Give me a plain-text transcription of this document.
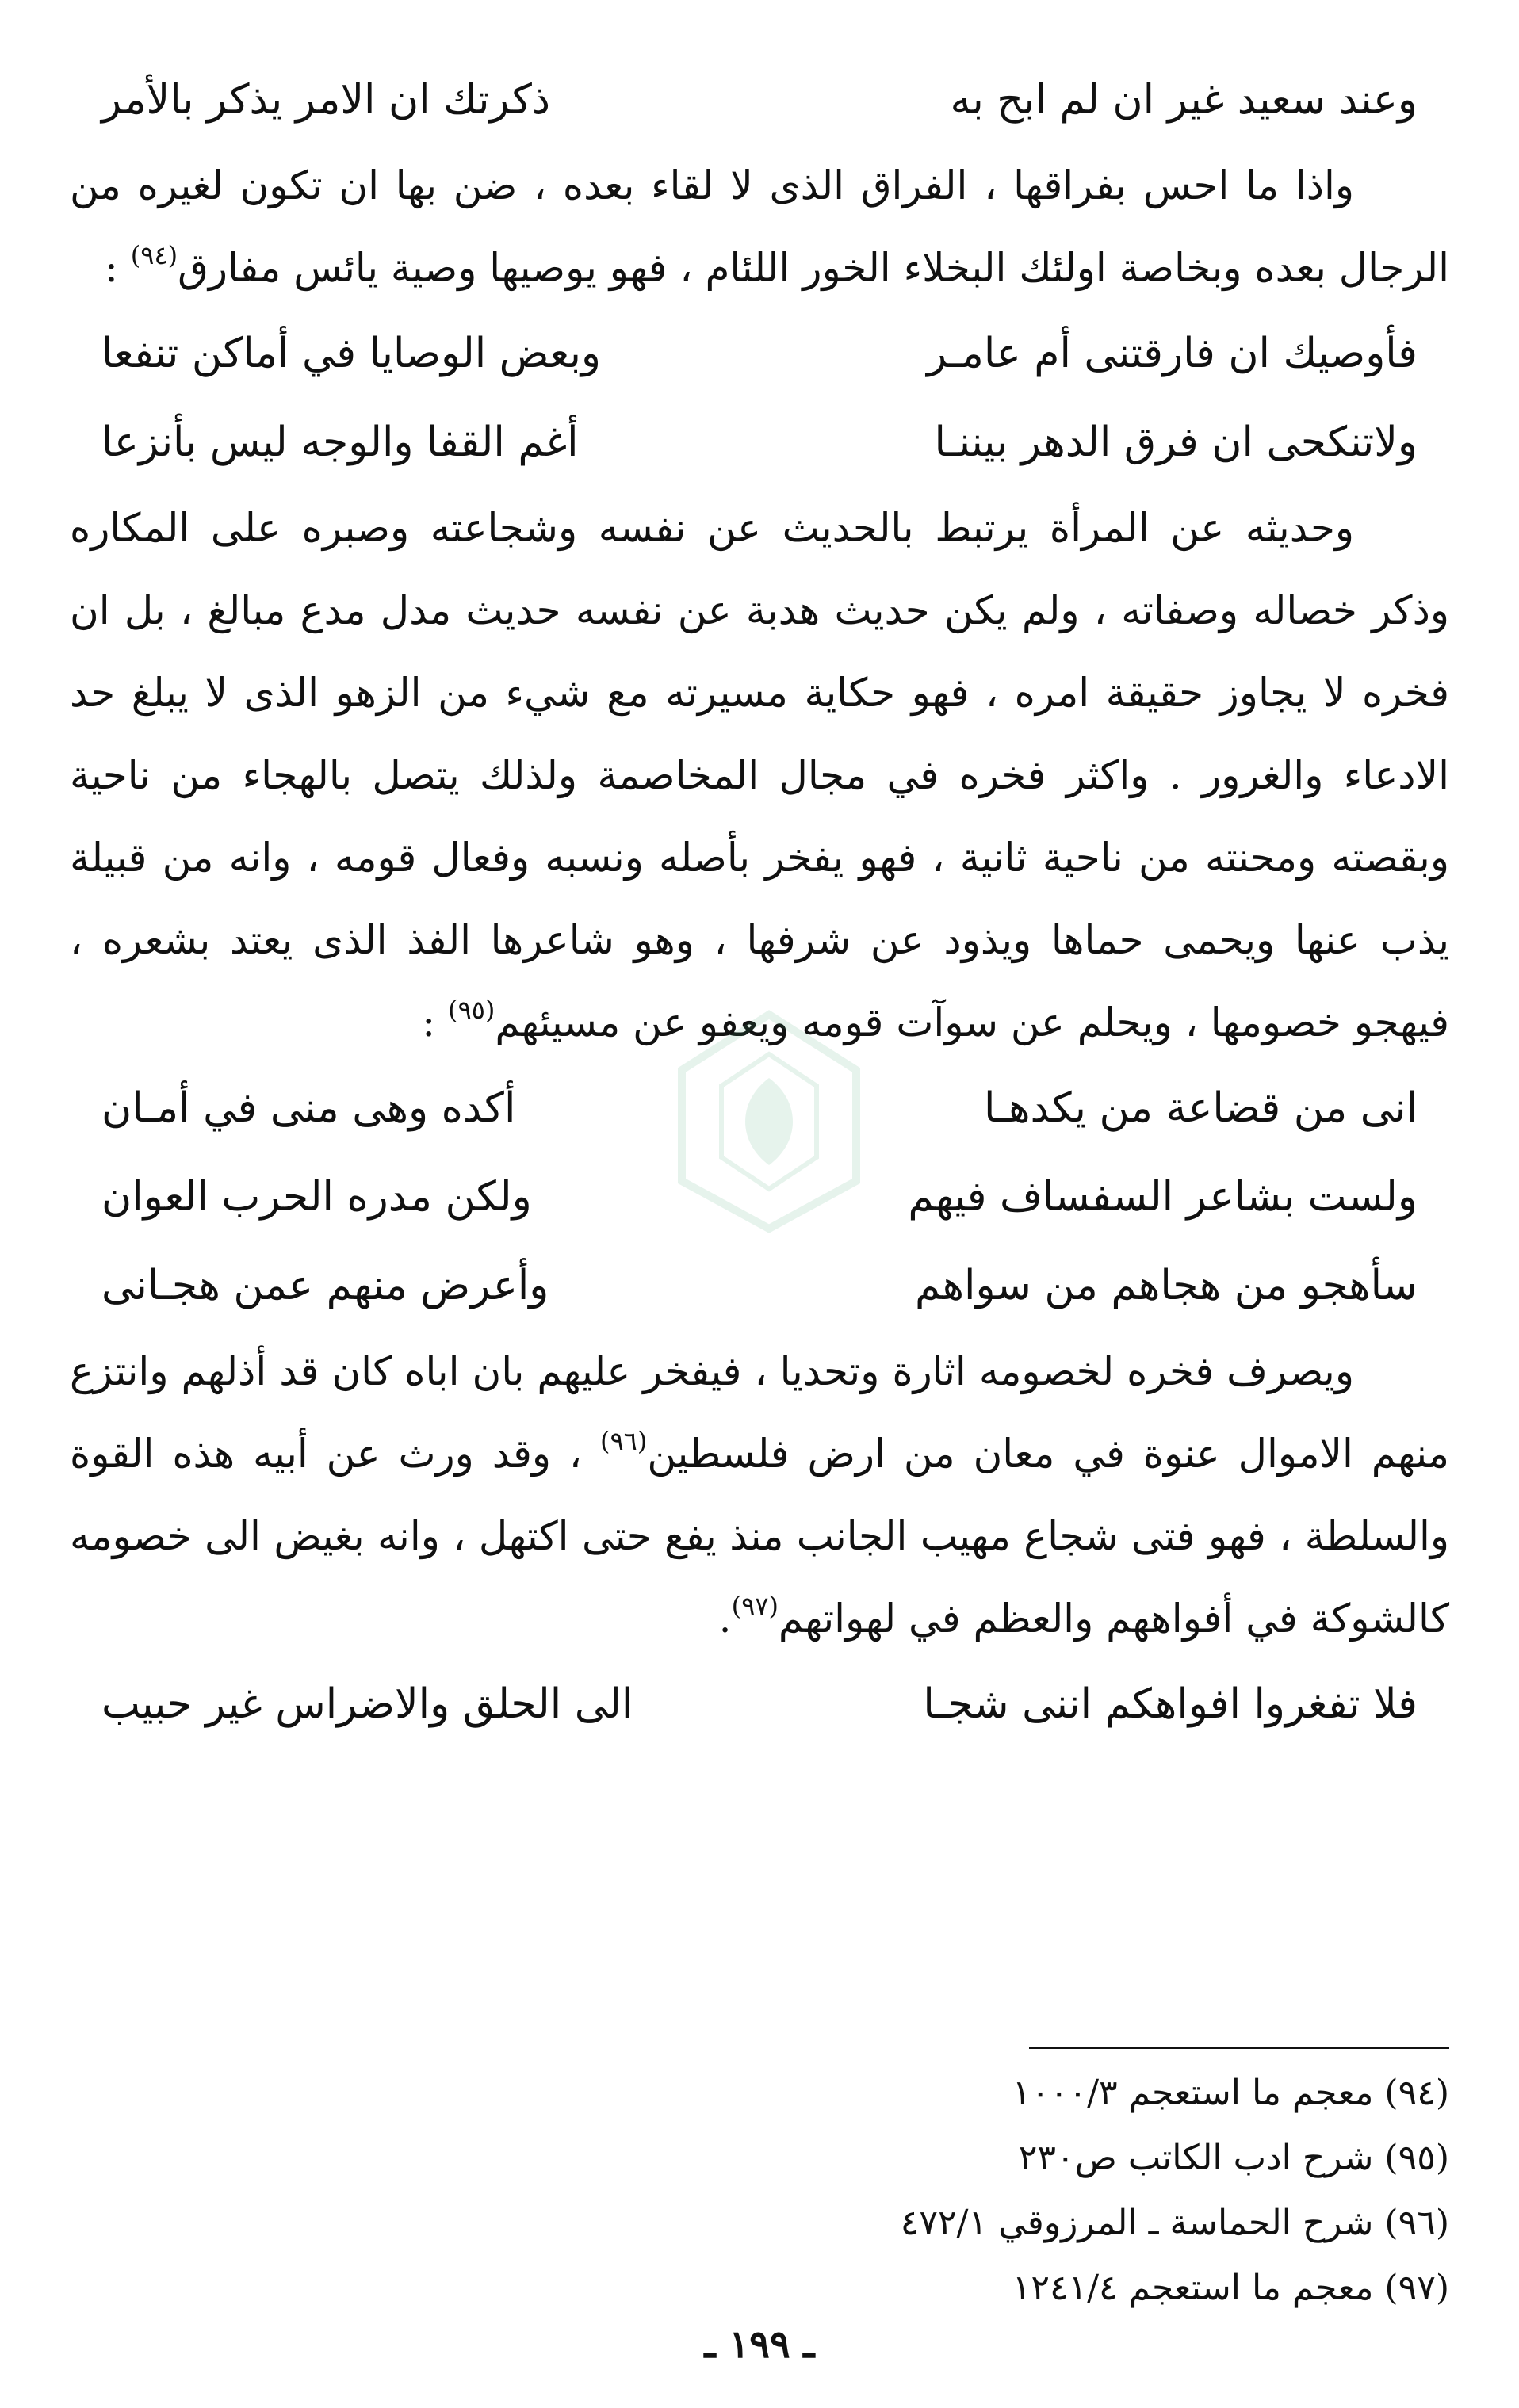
وعند سعيد غير ان لم ابح به
ذكرتك ان الامر يذكر بالأمر

واذا ما احس بفراقها ، الفراق الذى لا لقاء بعده ، ضن بها ان تكون لغيره من الرجال بعده وبخاصة اولئك البخلاء الخور اللئام ، فهو يوصيها وصية يائس مفارق$^{(٩٤)}$ :

فأوصيك ان فارقتنى أم عامـر
وبعض الوصايا في أماكن تنفعا
ولاتنكحى ان فرق الدهر بيننـا
أغم القفا والوجه ليس بأنزعا

وحديثه عن المرأة يرتبط بالحديث عن نفسه وشجاعته وصبره على المكاره وذكر خصاله وصفاته ، ولم يكن حديث هدبة عن نفسه حديث مدل مدع مبالغ ، بل ان فخره لا يجاوز حقيقة امره ، فهو حكاية مسيرته مع شيء من الزهو الذى لا يبلغ حد الادعاء والغرور . واكثر فخره في مجال المخاصمة ولذلك يتصل بالهجاء من ناحية وبقصته ومحنته من ناحية ثانية ، فهو يفخر بأصله ونسبه وفعال قومه ، وانه من قبيلة يذب عنها ويحمى حماها ويذود عن شرفها ، وهو شاعرها الفذ الذى يعتد بشعره ، فيهجو خصومها ، ويحلم عن سوآت قومه ويعفو عن مسيئهم$^{(٩٥)}$ :

انى من قضاعة من يكدهـا
أكده وهى منى في أمـان
ولست بشاعر السفساف فيهم
ولكن مدره الحرب العوان
سأهجو من هجاهم من سواهم
وأعرض منهم عمن هجـانى

ويصرف فخره لخصومه اثارة وتحديا ، فيفخر عليهم بان اباه كان قد أذلهم وانتزع منهم الاموال عنوة في معان من ارض فلسطين$^{(٩٦)}$ ، وقد ورث عن أبيه هذه القوة والسلطة ، فهو فتى شجاع مهيب الجانب منذ يفع حتى اكتهل ، وانه بغيض الى خصومه كالشوكة في أفواههم والعظم في لهواتهم$^{(٩٧)}$.

فلا تفغروا افواهكم اننى شجـا
الى الحلق والاضراس غير حبيب
(٩٤) معجم ما استعجم ١٠٠٠/٣
(٩٥) شرح ادب الكاتب ص٢٣٠
(٩٦) شرح الحماسة ـ المرزوقي ٤٧٢/١
(٩٧) معجم ما استعجم ١٢٤١/٤
ـ ١٩٩ ـ
